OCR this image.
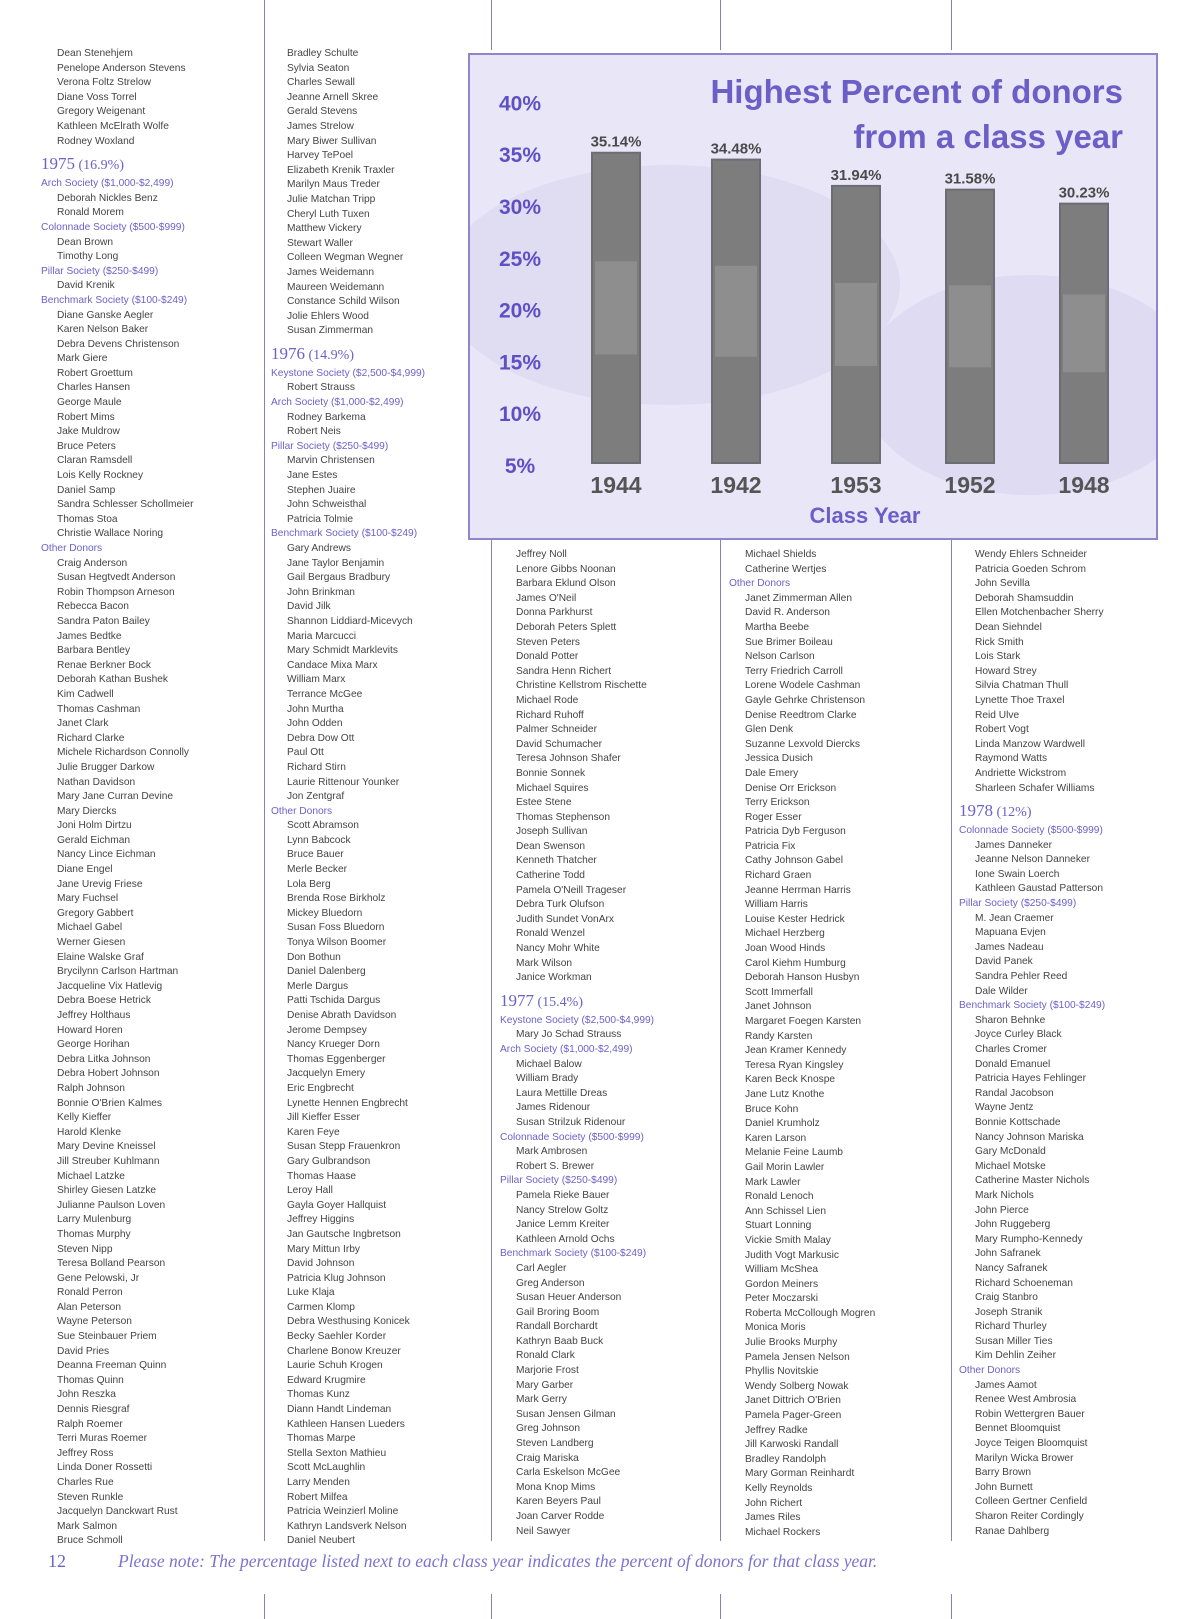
Dean Stenehjem
Penelope Anderson Stevens
Verona Foltz Strelow
Diane Voss Torrel
Gregory Weigenant
Kathleen McElrath Wolfe
Rodney Woxland
1975 (16.9%)
Arch Society ($1,000-$2,499)
Deborah Nickles Benz
Ronald Morem
Colonnade Society ($500-$999)
Dean Brown
Timothy Long
Pillar Society ($250-$499)
David Krenik
Benchmark Society ($100-$249)
Diane Ganske Aegler
Karen Nelson Baker
Debra Devens Christenson
Mark Giere
Robert Groettum
Charles Hansen
George Maule
Robert Mims
Jake Muldrow
Bruce Peters
Claran Ramsdell
Lois Kelly Rockney
Daniel Samp
Sandra Schlesser Schollmeier
Thomas Stoa
Christie Wallace Noring
Other Donors
Craig Anderson
Susan Hegtvedt Anderson
Robin Thompson Arneson
Rebecca Bacon
Sandra Paton Bailey
James Bedtke
Barbara Bentley
Renae Berkner Bock
Deborah Kathan Bushek
Kim Cadwell
Thomas Cashman
Janet Clark
Richard Clarke
Michele Richardson Connolly
Julie Brugger Darkow
Nathan Davidson
Mary Jane Curran Devine
Mary Diercks
Joni Holm Dirtzu
Gerald Eichman
Nancy Lince Eichman
Diane Engel
Jane Urevig Friese
Mary Fuchsel
Gregory Gabbert
Michael Gabel
Werner Giesen
Elaine Walske Graf
Brycilynn Carlson Hartman
Jacqueline Vix Hatlevig
Debra Boese Hetrick
Jeffrey Holthaus
Howard Horen
George Horihan
Debra Litka Johnson
Debra Hobert Johnson
Ralph Johnson
Bonnie O'Brien Kalmes
Kelly Kieffer
Harold Klenke
Mary Devine Kneissel
Jill Streuber Kuhlmann
Michael Latzke
Shirley Giesen Latzke
Julianne Paulson Loven
Larry Mulenburg
Thomas Murphy
Steven Nipp
Teresa Bolland Pearson
Gene Pelowski, Jr
Ronald Perron
Alan Peterson
Wayne Peterson
Sue Steinbauer Priem
David Pries
Deanna Freeman Quinn
Thomas Quinn
John Reszka
Dennis Riesgraf
Ralph Roemer
Terri Muras Roemer
Jeffrey Ross
Linda Doner Rossetti
Charles Rue
Steven Runkle
Jacquelyn Danckwart Rust
Mark Salmon
Bruce Schmoll
Bradley Schulte
Sylvia Seaton
Charles Sewall
Jeanne Arnell Skree
Gerald Stevens
James Strelow
Mary Biwer Sullivan
Harvey TePoel
Elizabeth Krenik Traxler
Marilyn Maus Treder
Julie Matchan Tripp
Cheryl Luth Tuxen
Matthew Vickery
Stewart Waller
Colleen Wegman Wegner
James Weidemann
Maureen Weidemann
Constance Schild Wilson
Jolie Ehlers Wood
Susan Zimmerman
1976 (14.9%)
Keystone Society ($2,500-$4,999)
Robert Strauss
Arch Society ($1,000-$2,499)
Rodney Barkema
Robert Neis
Pillar Society ($250-$499)
Marvin Christensen
Jane Estes
Stephen Juaire
John Schweisthal
Patricia Tolmie
Benchmark Society ($100-$249)
Gary Andrews
Jane Taylor Benjamin
Gail Bergaus Bradbury
John Brinkman
David Jilk
Shannon Liddiard-Micevych
Maria Marcucci
Mary Schmidt Marklevits
Candace Mixa Marx
William Marx
Terrance McGee
John Murtha
John Odden
Debra Dow Ott
Paul Ott
Richard Stirn
Laurie Rittenour Younker
Jon Zentgraf
Other Donors
Scott Abramson
Lynn Babcock
Bruce Bauer
Merle Becker
Lola Berg
Brenda Rose Birkholz
Mickey Bluedorn
Susan Foss Bluedorn
Tonya Wilson Boomer
Don Bothun
Daniel Dalenberg
Merle Dargus
Patti Tschida Dargus
Denise Abrath Davidson
Jerome Dempsey
Nancy Krueger Dorn
Thomas Eggenberger
Jacquelyn Emery
Eric Engbrecht
Lynette Hennen Engbrecht
Jill Kieffer Esser
Karen Feye
Susan Stepp Frauenkron
Gary Gulbrandson
Thomas Haase
Leroy Hall
Gayla Goyer Hallquist
Jeffrey Higgins
Jan Gautsche Ingbretson
Mary Mittun Irby
David Johnson
Patricia Klug Johnson
Luke Klaja
Carmen Klomp
Debra Westhusing Konicek
Becky Saehler Korder
Charlene Bonow Kreuzer
Laurie Schuh Krogen
Edward Krugmire
Thomas Kunz
Diann Handt Lindeman
Kathleen Hansen Lueders
Thomas Marpe
Stella Sexton Mathieu
Scott McLaughlin
Larry Menden
Robert Milfea
Patricia Weinzierl Moline
Kathryn Landsverk Nelson
Daniel Neubert
Jeffrey Noll
Lenore Gibbs Noonan
Barbara Eklund Olson
James O'Neil
Donna Parkhurst
Deborah Peters Splett
Steven Peters
Donald Potter
Sandra Henn Richert
Christine Kellstrom Rischette
Michael Rode
Richard Ruhoff
Palmer Schneider
David Schumacher
Teresa Johnson Shafer
Bonnie Sonnek
Michael Squires
Estee Stene
Thomas Stephenson
Joseph Sullivan
Dean Swenson
Kenneth Thatcher
Catherine Todd
Pamela O'Neill Trageser
Debra Turk Olufson
Judith Sundet VonArx
Ronald Wenzel
Nancy Mohr White
Mark Wilson
Janice Workman
1977 (15.4%)
Keystone Society ($2,500-$4,999)
Mary Jo Schad Strauss
Arch Society ($1,000-$2,499)
Michael Balow
William Brady
Laura Mettille Dreas
James Ridenour
Susan Strilzuk Ridenour
Colonnade Society ($500-$999)
Mark Ambrosen
Robert S. Brewer
Pillar Society ($250-$499)
Pamela Rieke Bauer
Nancy Strelow Goltz
Janice Lemm Kreiter
Kathleen Arnold Ochs
Benchmark Society ($100-$249)
Carl Aegler
Greg Anderson
Susan Heuer Anderson
Gail Broring Boom
Randall Borchardt
Kathryn Baab Buck
Ronald Clark
Marjorie Frost
Mary Garber
Mark Gerry
Susan Jensen Gilman
Greg Johnson
Steven Landberg
Craig Mariska
Carla Eskelson McGee
Mona Knop Mims
Karen Beyers Paul
Joan Carver Rodde
Neil Sawyer
Michael Shields
Catherine Wertjes
Other Donors
Janet Zimmerman Allen
David R. Anderson
Martha Beebe
Sue Brimer Boileau
Nelson Carlson
Terry Friedrich Carroll
Lorene Wodele Cashman
Gayle Gehrke Christenson
Denise Reedtrom Clarke
Glen Denk
Suzanne Lexvold Diercks
Jessica Dusich
Dale Emery
Denise Orr Erickson
Terry Erickson
Roger Esser
Patricia Dyb Ferguson
Patricia Fix
Cathy Johnson Gabel
Richard Graen
Jeanne Herrman Harris
William Harris
Louise Kester Hedrick
Michael Herzberg
Joan Wood Hinds
Carol Kiehm Humburg
Deborah Hanson Husbyn
Scott Immerfall
Janet Johnson
Margaret Foegen Karsten
Randy Karsten
Jean Kramer Kennedy
Teresa Ryan Kingsley
Karen Beck Knospe
Jane Lutz Knothe
Bruce Kohn
Daniel Krumholz
Karen Larson
Melanie Feine Laumb
Gail Morin Lawler
Mark Lawler
Ronald Lenoch
Ann Schissel Lien
Stuart Lonning
Vickie Smith Malay
Judith Vogt Markusic
William McShea
Gordon Meiners
Peter Moczarski
Roberta McCollough Mogren
Monica Moris
Julie Brooks Murphy
Pamela Jensen Nelson
Phyllis Novitskie
Wendy Solberg Nowak
Janet Dittrich O'Brien
Pamela Pager-Green
Jeffrey Radke
Jill Karwoski Randall
Bradley Randolph
Mary Gorman Reinhardt
Kelly Reynolds
John Richert
James Riles
Michael Rockers
Wendy Ehlers Schneider
Patricia Goeden Schrom
John Sevilla
Deborah Shamsuddin
Ellen Motchenbacher Sherry
Dean Siehndel
Rick Smith
Lois Stark
Howard Strey
Silvia Chatman Thull
Lynette Thoe Traxel
Reid Ulve
Robert Vogt
Linda Manzow Wardwell
Raymond Watts
Andriette Wickstrom
Sharleen Schafer Williams
1978 (12%)
Colonnade Society ($500-$999)
James Danneker
Jeanne Nelson Danneker
Ione Swain Loerch
Kathleen Gaustad Patterson
Pillar Society ($250-$499)
M. Jean Craemer
Mapuana Evjen
James Nadeau
David Panek
Sandra Pehler Reed
Dale Wilder
Benchmark Society ($100-$249)
Sharon Behnke
Joyce Curley Black
Charles Cromer
Donald Emanuel
Patricia Hayes Fehlinger
Randal Jacobson
Wayne Jentz
Bonnie Kottschade
Nancy Johnson Mariska
Gary McDonald
Michael Motske
Catherine Master Nichols
Mark Nichols
John Pierce
John Ruggeberg
Mary Rumpho-Kennedy
John Safranek
Nancy Safranek
Richard Schoeneman
Craig Stanbro
Joseph Stranik
Richard Thurley
Susan Miller Ties
Kim Dehlin Zeiher
Other Donors
James Aamot
Renee West Ambrosia
Robin Wettergren Bauer
Bennet Bloomquist
Joyce Teigen Bloomquist
Marilyn Wicka Brower
Barry Brown
John Burnett
Colleen Gertner Cenfield
Sharon Reiter Cordingly
Ranae Dahlberg
5%
10%
15%
20%
25%
30%
35%
40%
35.14%
1944
34.48%
1942
31.94%
1953
31.58%
1952
30.23%
1948
Highest Percent of donors
from a class year
Class Year
12	Please note: The percentage listed next to each class year indicates the percent of donors for that class year.
